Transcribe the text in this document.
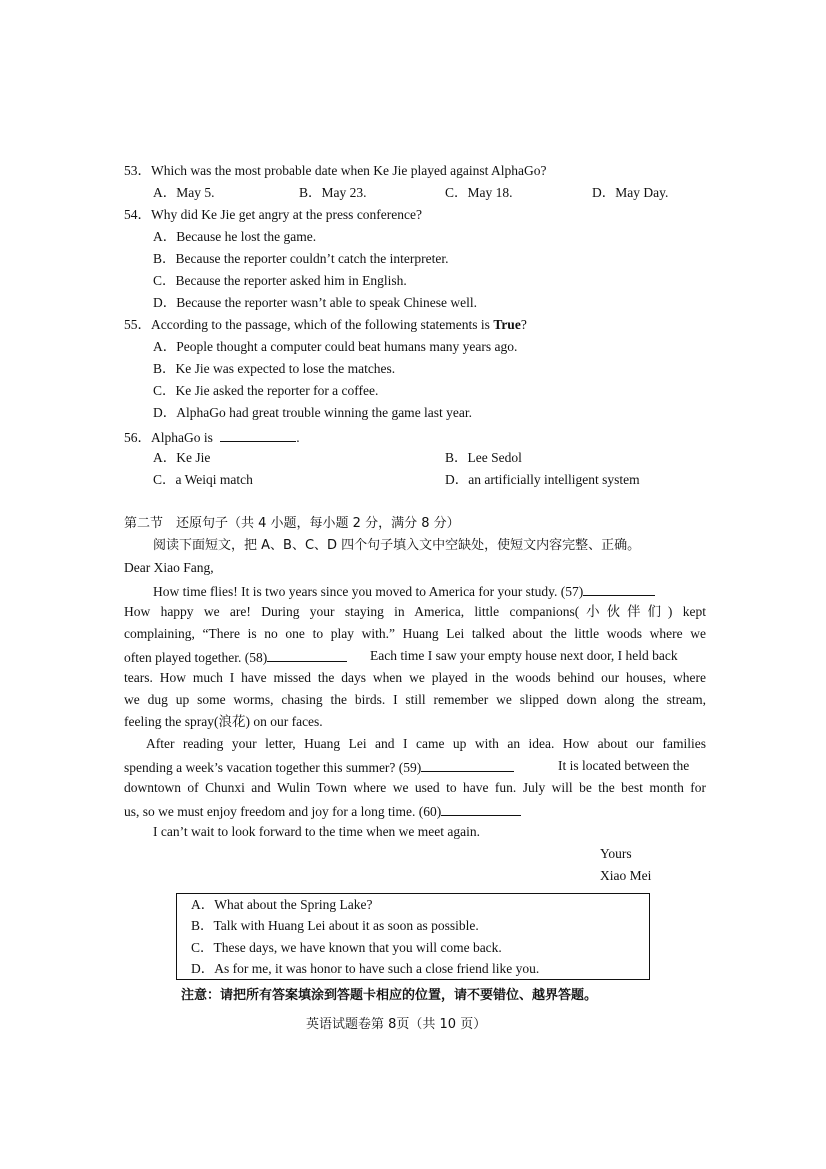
53．Which was the most probable date when Ke Jie played against AlphaGo?
A．May 5.	B．May 23.	C．May 18.	D．May Day.
54．Why did Ke Jie get angry at the press conference?
A．Because he lost the game.
B．Because the reporter couldn’t catch the interpreter.
C．Because the reporter asked him in English.
D．Because the reporter wasn’t able to speak Chinese well.
55．According to the passage, which of the following statements is True?
A．People thought a computer could beat humans many years ago.
B．Ke Jie was expected to lose the matches.
C．Ke Jie asked the reporter for a coffee.
D．AlphaGo had great trouble winning the game last year.
56．AlphaGo is	.
A．Ke Jie	B．Lee Sedol
C．a Weiqi match	D．an artificially intelligent system
第二节　还原句子（共 4 小题，每小题 2 分，满分 8 分）
阅读下面短文，把 A、B、C、D 四个句子填入文中空缺处，使短文内容完整、正确。
Dear Xiao Fang,
How time flies! It is two years since you moved to America for your study. (57)
How happy we are! During your staying in America, little companions(小伙伴们) kept
complaining, “There is no one to play with.” Huang Lei talked about the little woods where we
often played together. (58)	Each time I saw your empty house next door, I held back
tears. How much I have missed the days when we played in the woods behind our houses, where
we dug up some worms, chasing the birds. I still remember we slipped down along the stream,
feeling the spray(浪花) on our faces.
After reading your letter, Huang Lei and I came up with an idea. How about our families
spending a week’s vacation together this summer? (59)	It is located between the
downtown of Chunxi and Wulin Town where we used to have fun. July will be the best month for
us, so we must enjoy freedom and joy for a long time. (60)
I can’t wait to look forward to the time when we meet again.
Yours
Xiao Mei
A．What about the Spring Lake?
B．Talk with Huang Lei about it as soon as possible.
C．These days, we have known that you will come back.
D．As for me, it was honor to have such a close friend like you.
注意：请把所有答案填涂到答题卡相应的位置，请不要错位、越界答题。
英语试题卷第 8页（共 10 页）
